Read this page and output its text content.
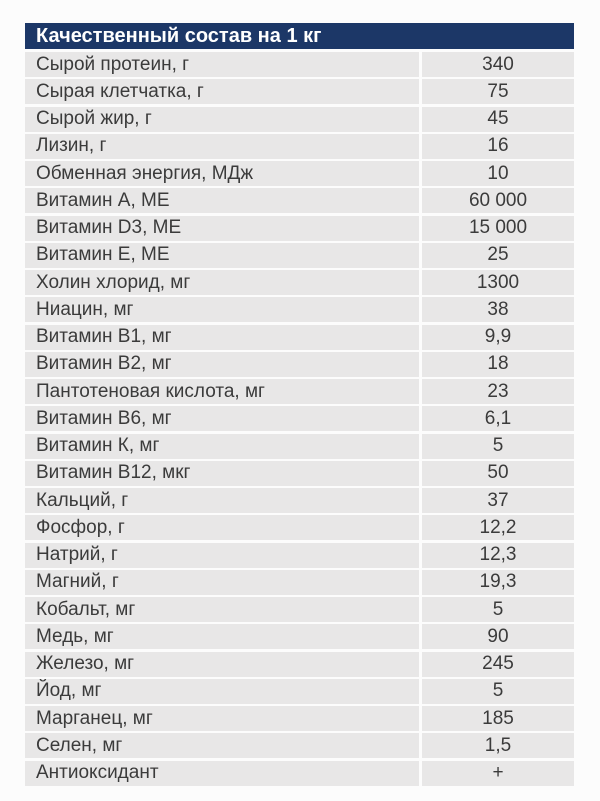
Качественный состав на 1 кг
Сырой протеин, г	340
Сырая клетчатка, г	75
Сырой жир, г	45
Лизин, г	16
Обменная энергия, МДж	10
Витамин А, МЕ	60 000
Витамин D3, МЕ	15 000
Витамин Е, МЕ	25
Холин хлорид, мг	1300
Ниацин, мг	38
Витамин В1, мг	9,9
Витамин В2, мг	18
Пантотеновая кислота, мг	23
Витамин В6, мг	6,1
Витамин К, мг	5
Витамин В12, мкг	50
Кальций, г	37
Фосфор, г	12,2
Натрий, г	12,3
Магний, г	19,3
Кобальт, мг	5
Медь, мг	90
Железо, мг	245
Йод, мг	5
Марганец, мг	185
Селен, мг	1,5
Антиоксидант	+
